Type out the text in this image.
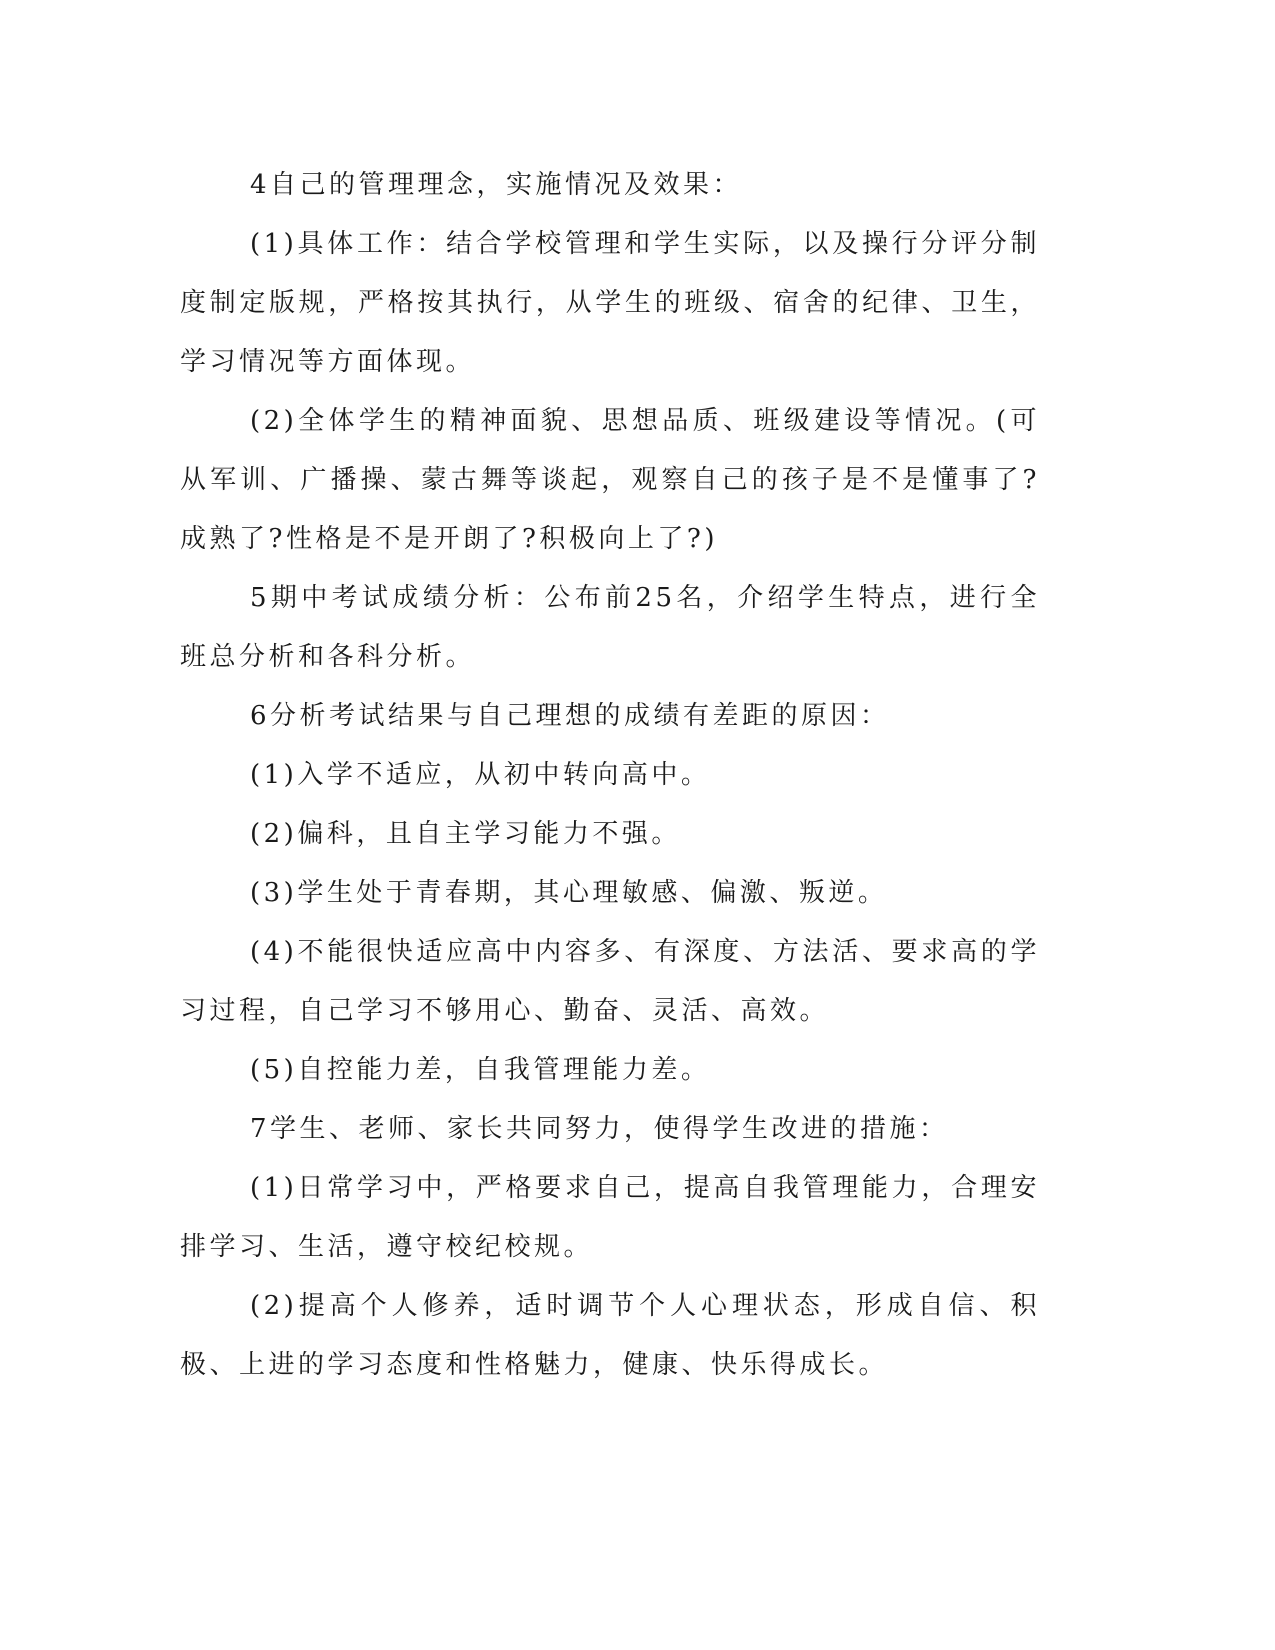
4自己的管理理念，实施情况及效果：

(1)具体工作：结合学校管理和学生实际，以及操行分评分制度制定版规，严格按其执行，从学生的班级、宿舍的纪律、卫生，学习情况等方面体现。

(2)全体学生的精神面貌、思想品质、班级建设等情况。(可从军训、广播操、蒙古舞等谈起，观察自己的孩子是不是懂事了?成熟了?性格是不是开朗了?积极向上了?)

5期中考试成绩分析：公布前25名，介绍学生特点，进行全班总分析和各科分析。

6分析考试结果与自己理想的成绩有差距的原因：

(1)入学不适应，从初中转向高中。

(2)偏科，且自主学习能力不强。

(3)学生处于青春期，其心理敏感、偏激、叛逆。

(4)不能很快适应高中内容多、有深度、方法活、要求高的学习过程，自己学习不够用心、勤奋、灵活、高效。

(5)自控能力差，自我管理能力差。

7学生、老师、家长共同努力，使得学生改进的措施：

(1)日常学习中，严格要求自己，提高自我管理能力，合理安排学习、生活，遵守校纪校规。

(2)提高个人修养，适时调节个人心理状态，形成自信、积极、上进的学习态度和性格魅力，健康、快乐得成长。
